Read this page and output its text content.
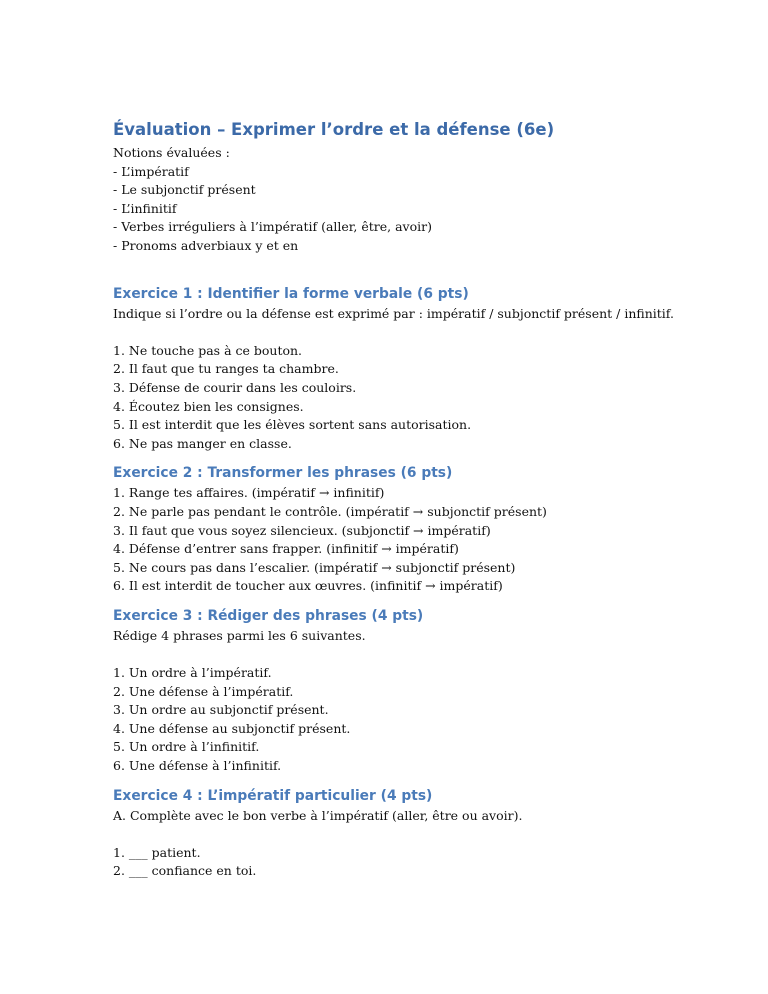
Évaluation – Exprimer l’ordre et la défense (6e)
Notions évaluées :
- L’impératif
- Le subjonctif présent
- L’infinitif
- Verbes irréguliers à l’impératif (aller, être, avoir)
- Pronoms adverbiaux y et en
Exercice 1 : Identifier la forme verbale (6 pts)
Indique si l’ordre ou la défense est exprimé par : impératif / subjonctif présent / infinitif.
1. Ne touche pas à ce bouton.
2. Il faut que tu ranges ta chambre.
3. Défense de courir dans les couloirs.
4. Écoutez bien les consignes.
5. Il est interdit que les élèves sortent sans autorisation.
6. Ne pas manger en classe.
Exercice 2 : Transformer les phrases (6 pts)
1. Range tes affaires. (impératif → infinitif)
2. Ne parle pas pendant le contrôle. (impératif → subjonctif présent)
3. Il faut que vous soyez silencieux. (subjonctif → impératif)
4. Défense d’entrer sans frapper. (infinitif → impératif)
5. Ne cours pas dans l’escalier. (impératif → subjonctif présent)
6. Il est interdit de toucher aux œuvres. (infinitif → impératif)
Exercice 3 : Rédiger des phrases (4 pts)
Rédige 4 phrases parmi les 6 suivantes.
1. Un ordre à l’impératif.
2. Une défense à l’impératif.
3. Un ordre au subjonctif présent.
4. Une défense au subjonctif présent.
5. Un ordre à l’infinitif.
6. Une défense à l’infinitif.
Exercice 4 : L’impératif particulier (4 pts)
A. Complète avec le bon verbe à l’impératif (aller, être ou avoir).
1. ___ patient.
2. ___ confiance en toi.
